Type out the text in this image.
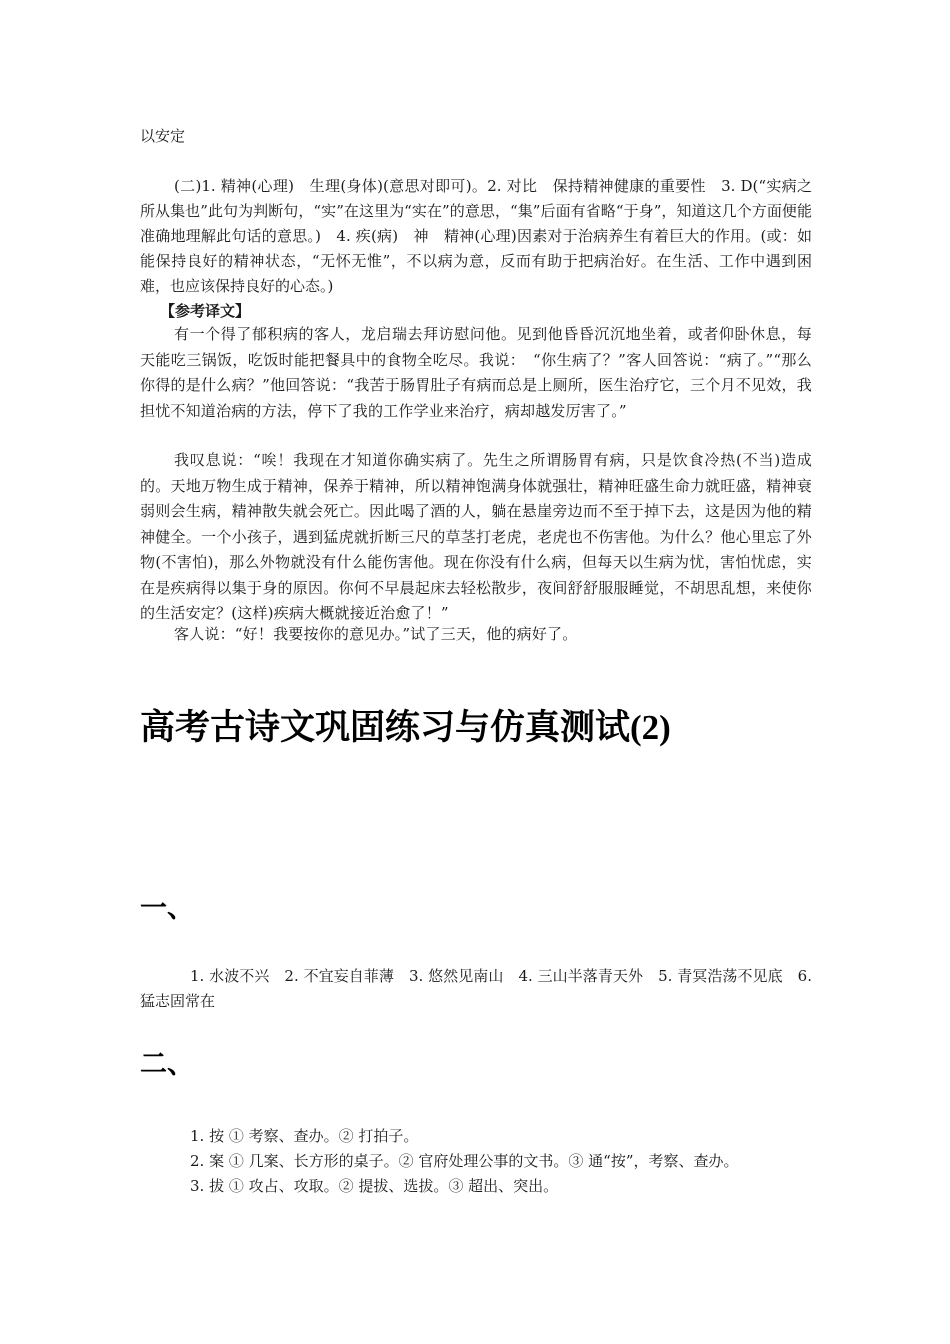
以安定

(二)1. 精神(心理)　生理(身体)(意思对即可)。2. 对比　保持精神健康的重要性　3. D(“实病之所从集也”此句为判断句，“实”在这里为“实在”的意思，“集”后面有省略“于身”，知道这几个方面便能准确地理解此句话的意思。)　4. 疾(病)　神　精神(心理)因素对于治病养生有着巨大的作用。(或：如能保持良好的精神状态，“无怀无惟”，不以病为意，反而有助于把病治好。在生活、工作中遇到困难，也应该保持良好的心态。)

【参考译文】

有一个得了郁积病的客人，龙启瑞去拜访慰问他。见到他昏昏沉沉地坐着，或者仰卧休息，每天能吃三锅饭，吃饭时能把餐具中的食物全吃尽。我说：　“你生病了？”客人回答说：“病了。”“那么你得的是什么病？”他回答说：“我苦于肠胃肚子有病而总是上厕所，医生治疗它，三个月不见效，我担忧不知道治病的方法，停下了我的工作学业来治疗，病却越发厉害了。”

我叹息说：“唉！我现在才知道你确实病了。先生之所谓肠胃有病，只是饮食冷热(不当)造成的。天地万物生成于精神，保养于精神，所以精神饱满身体就强壮，精神旺盛生命力就旺盛，精神衰弱则会生病，精神散失就会死亡。因此喝了酒的人，躺在悬崖旁边而不至于掉下去，这是因为他的精神健全。一个小孩子，遇到猛虎就折断三尺的草茎打老虎，老虎也不伤害他。为什么？他心里忘了外物(不害怕)，那么外物就没有什么能伤害他。现在你没有什么病，但每天以生病为忧，害怕忧虑，实在是疾病得以集于身的原因。你何不早晨起床去轻松散步，夜间舒舒服服睡觉，不胡思乱想，来使你的生活安定？(这样)疾病大概就接近治愈了！”

客人说：“好！我要按你的意见办。”试了三天，他的病好了。

高考古诗文巩固练习与仿真测试(2)
一、

1. 水波不兴　2. 不宜妄自菲薄　3. 悠然见南山　4. 三山半落青天外　5. 青冥浩荡不见底　6. 猛志固常在

二、
1. 按 ① 考察、查办。② 打拍子。
2. 案 ① 几案、长方形的桌子。② 官府处理公事的文书。③ 通“按”，考察、查办。
3. 拔 ① 攻占、攻取。② 提拔、选拔。③ 超出、突出。
